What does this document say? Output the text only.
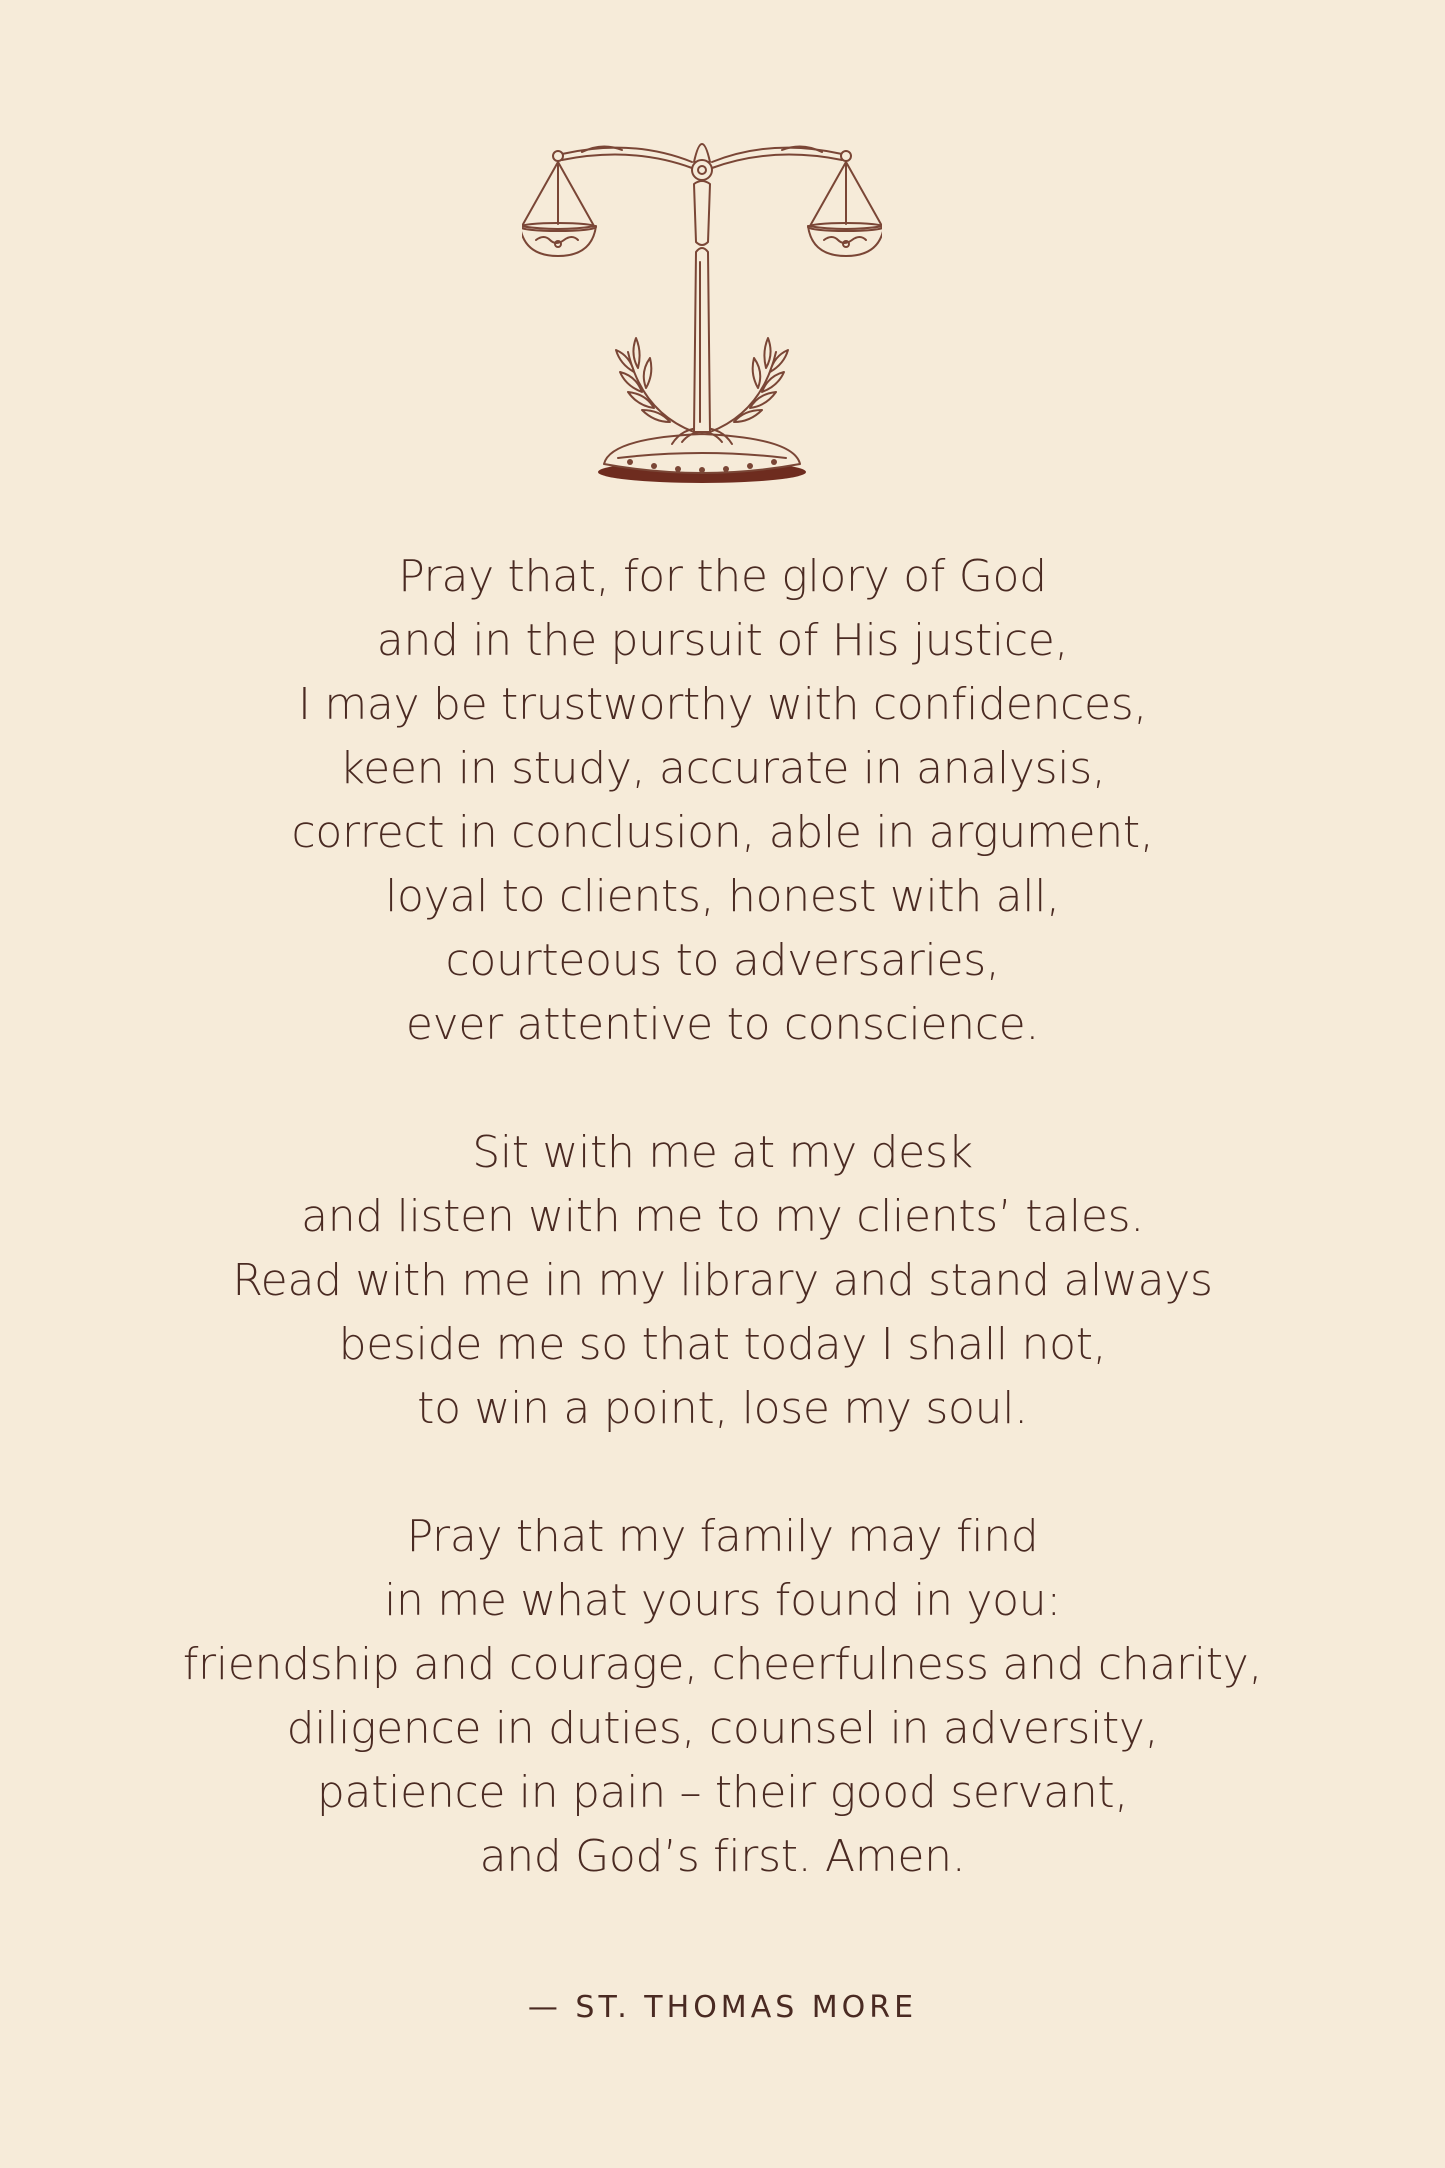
Pray that, for the glory of God
and in the pursuit of His justice,
I may be trustworthy with confidences,
keen in study, accurate in analysis,
correct in conclusion, able in argument,
loyal to clients, honest with all,
courteous to adversaries,
ever attentive to conscience.

Sit with me at my desk
and listen with me to my clients’ tales.
Read with me in my library and stand always
beside me so that today I shall not,
to win a point, lose my soul.

Pray that my family may find
in me what yours found in you:
friendship and courage, cheerfulness and charity,
diligence in duties, counsel in adversity,
patience in pain – their good servant,
and God’s first. Amen.

— ST. THOMAS MORE
